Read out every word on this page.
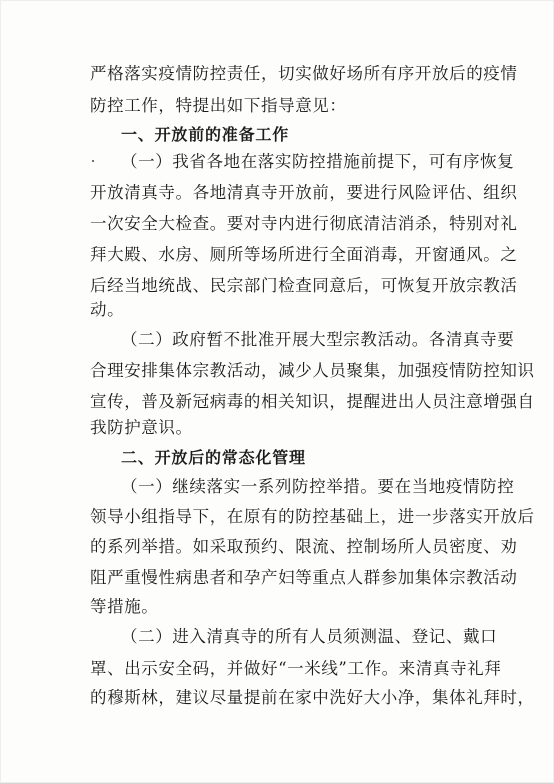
严格落实疫情防控责任，切实做好场所有序开放后的疫情
防控工作，特提出如下指导意见：
一、开放前的准备工作
（一）我省各地在落实防控措施前提下，可有序恢复
开放清真寺。各地清真寺开放前，要进行风险评估、组织
一次安全大检查。要对寺内进行彻底清洁消杀，特别对礼
拜大殿、水房、厕所等场所进行全面消毒，开窗通风。之
后经当地统战、民宗部门检查同意后，可恢复开放宗教活
动。
（二）政府暂不批准开展大型宗教活动。各清真寺要
合理安排集体宗教活动，减少人员聚集，加强疫情防控知识
宣传，普及新冠病毒的相关知识，提醒进出人员注意增强自
我防护意识。
二、开放后的常态化管理
（一）继续落实一系列防控举措。要在当地疫情防控
领导小组指导下，在原有的防控基础上，进一步落实开放后
的系列举措。如采取预约、限流、控制场所人员密度、劝
阻严重慢性病患者和孕产妇等重点人群参加集体宗教活动
等措施。
（二）进入清真寺的所有人员须测温、登记、戴口
罩、出示安全码，并做好“一米线”工作。来清真寺礼拜
的穆斯林，建议尽量提前在家中洗好大小净，集体礼拜时，
